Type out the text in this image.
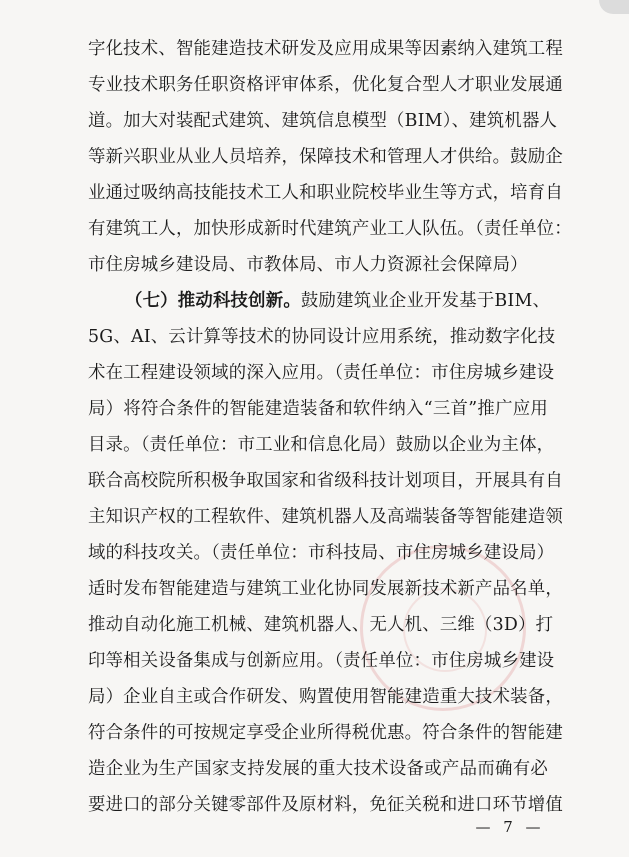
字化技术、智能建造技术研发及应用成果等因素纳入建筑工程
专业技术职务任职资格评审体系，优化复合型人才职业发展通
道。加大对装配式建筑、建筑信息模型（BIM）、建筑机器人
等新兴职业从业人员培养，保障技术和管理人才供给。鼓励企
业通过吸纳高技能技术工人和职业院校毕业生等方式，培育自
有建筑工人，加快形成新时代建筑产业工人队伍。（责任单位：
市住房城乡建设局、市教体局、市人力资源社会保障局）
（七）推动科技创新。鼓励建筑业企业开发基于BIM、
5G、AI、云计算等技术的协同设计应用系统，推动数字化技
术在工程建设领域的深入应用。（责任单位：市住房城乡建设
局）将符合条件的智能建造装备和软件纳入“三首”推广应用
目录。（责任单位：市工业和信息化局）鼓励以企业为主体，
联合高校院所积极争取国家和省级科技计划项目，开展具有自
主知识产权的工程软件、建筑机器人及高端装备等智能建造领
域的科技攻关。（责任单位：市科技局、市住房城乡建设局）
适时发布智能建造与建筑工业化协同发展新技术新产品名单，
推动自动化施工机械、建筑机器人、无人机、三维（3D）打
印等相关设备集成与创新应用。（责任单位：市住房城乡建设
局）企业自主或合作研发、购置使用智能建造重大技术装备，
符合条件的可按规定享受企业所得税优惠。符合条件的智能建
造企业为生产国家支持发展的重大技术设备或产品而确有必
要进口的部分关键零部件及原材料，免征关税和进口环节增值
— 7 —
